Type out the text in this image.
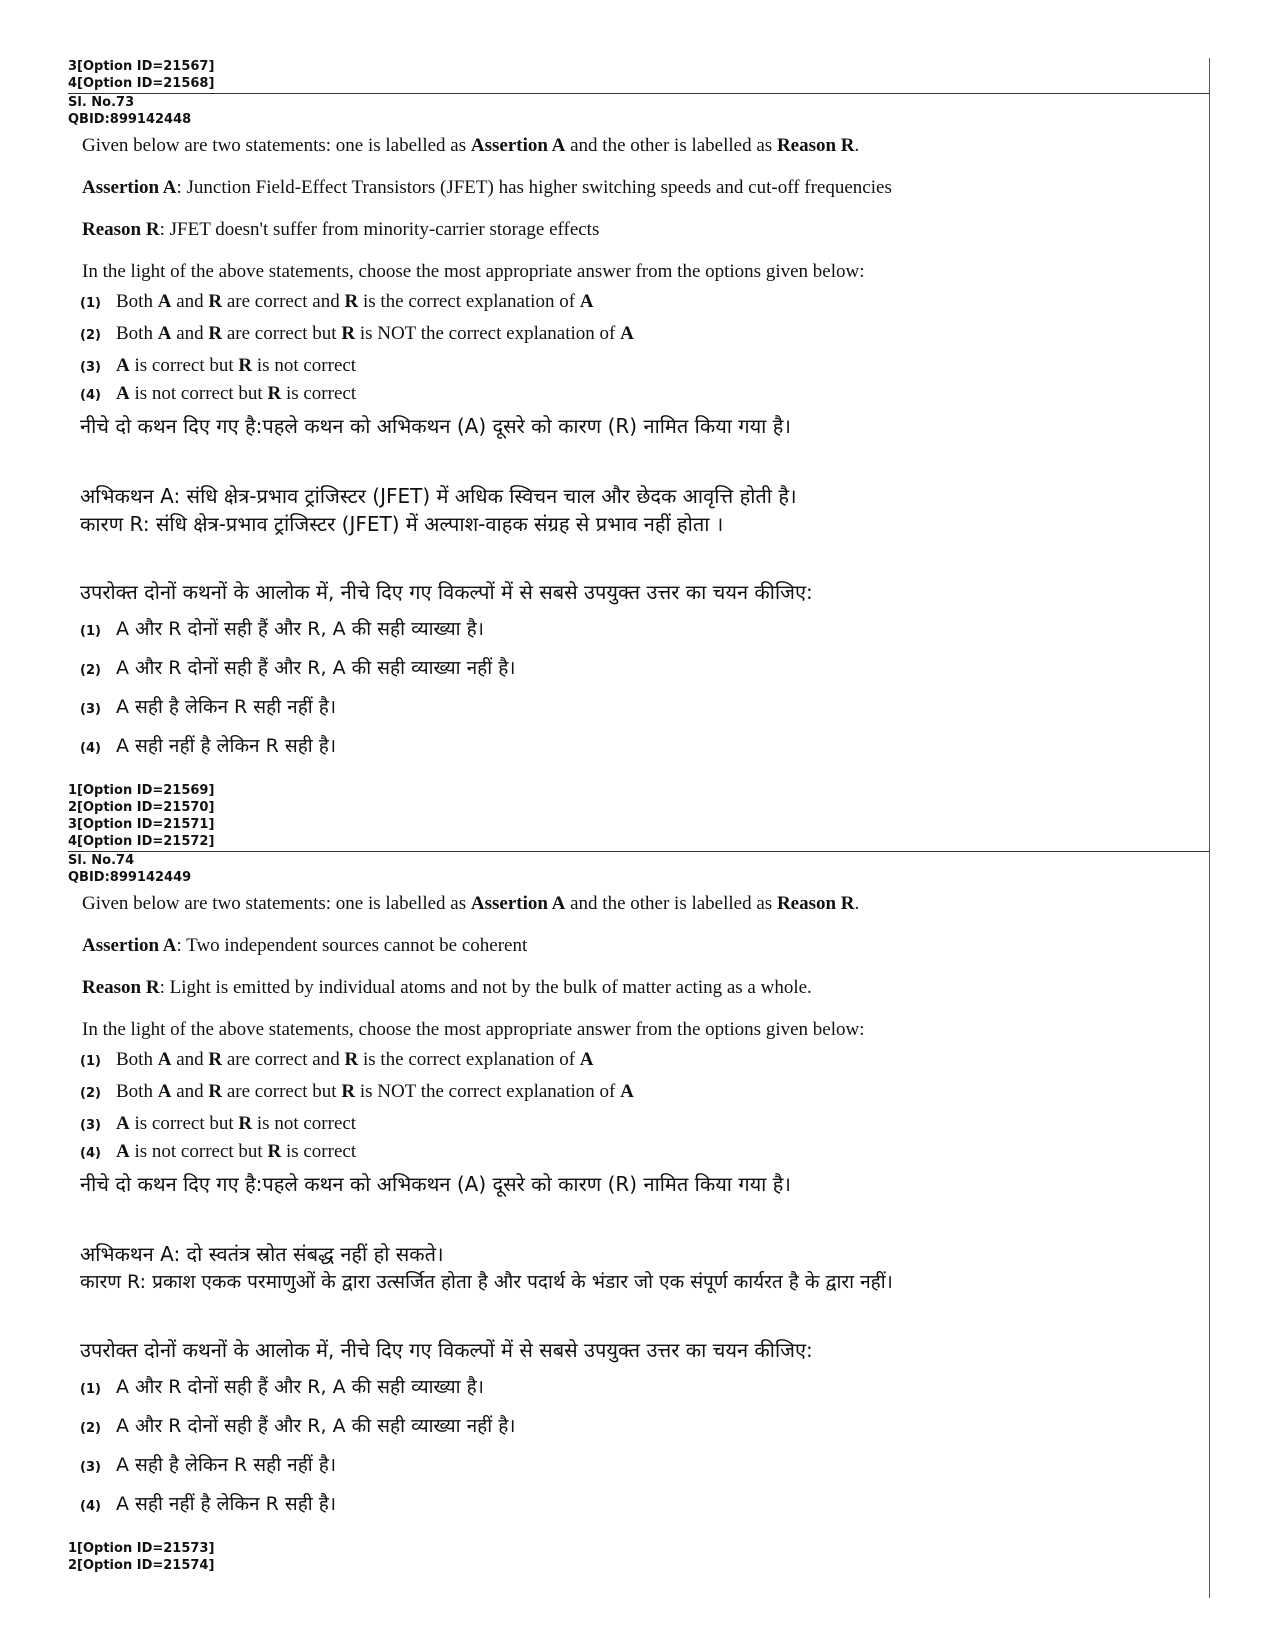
3[Option ID=21567]
4[Option ID=21568]
Sl. No.73
QBID:899142448
Given below are two statements: one is labelled as Assertion A and the other is labelled as Reason R.
Assertion A: Junction Field-Effect Transistors (JFET) has higher switching speeds and cut-off frequencies
Reason R: JFET doesn't suffer from minority-carrier storage effects
In the light of the above statements, choose the most appropriate answer from the options given below:
(1) Both A and R are correct and R is the correct explanation of A
(2) Both A and R are correct but R is NOT the correct explanation of A
(3) A is correct but R is not correct
(4) A is not correct but R is correct
नीचे दो कथन दिए गए है:पहले कथन को अभिकथन (A) दूसरे को कारण (R) नामित किया गया है।
अभिकथन A: संधि क्षेत्र-प्रभाव ट्रांजिस्टर (JFET) में अधिक स्विचन चाल और छेदक आवृत्ति होती है।
कारण R: संधि क्षेत्र-प्रभाव ट्रांजिस्टर (JFET) में अल्पाश-वाहक संग्रह से प्रभाव नहीं होता ।
उपरोक्त दोनों कथनों के आलोक में, नीचे दिए गए विकल्पों में से सबसे उपयुक्त उत्तर का चयन कीजिए:
(1) A और R दोनों सही हैं और R, A की सही व्याख्या है।
(2) A और R दोनों सही हैं और R, A की सही व्याख्या नहीं है।
(3) A सही है लेकिन R सही नहीं है।
(4) A सही नहीं है लेकिन R सही है।
1[Option ID=21569]
2[Option ID=21570]
3[Option ID=21571]
4[Option ID=21572]
Sl. No.74
QBID:899142449
Given below are two statements: one is labelled as Assertion A and the other is labelled as Reason R.
Assertion A: Two independent sources cannot be coherent
Reason R: Light is emitted by individual atoms and not by the bulk of matter acting as a whole.
In the light of the above statements, choose the most appropriate answer from the options given below:
(1) Both A and R are correct and R is the correct explanation of A
(2) Both A and R are correct but R is NOT the correct explanation of A
(3) A is correct but R is not correct
(4) A is not correct but R is correct
नीचे दो कथन दिए गए है:पहले कथन को अभिकथन (A) दूसरे को कारण (R) नामित किया गया है।
अभिकथन A: दो स्वतंत्र स्रोत संबद्ध नहीं हो सकते।
कारण R: प्रकाश एकक परमाणुओं के द्वारा उत्सर्जित होता है और पदार्थ के भंडार जो एक संपूर्ण कार्यरत है के द्वारा नहीं।
उपरोक्त दोनों कथनों के आलोक में, नीचे दिए गए विकल्पों में से सबसे उपयुक्त उत्तर का चयन कीजिए:
(1) A और R दोनों सही हैं और R, A की सही व्याख्या है।
(2) A और R दोनों सही हैं और R, A की सही व्याख्या नहीं है।
(3) A सही है लेकिन R सही नहीं है।
(4) A सही नहीं है लेकिन R सही है।
1[Option ID=21573]
2[Option ID=21574]
